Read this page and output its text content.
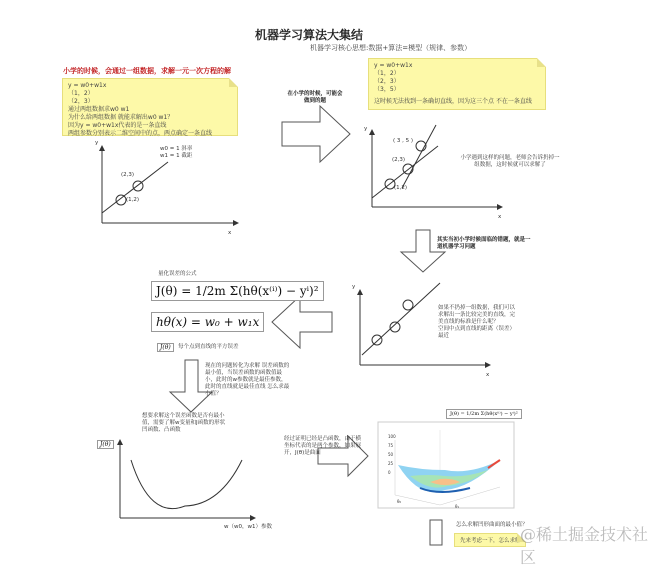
机器学习算法大集结
机器学习核心思想:数据+算法=模型（规律、参数）
小学的时候，会通过一组数据，求解一元一次方程的解
y = w0+w1x
（1，2）
（2，3）
通过两组数据求w0 w1
为什么给两组数据 就能求解出w0 w1？
因为y = w0+w1x代表的是一条直线
两组参数分别表示二维空间中的点，两点确定一条直线
w0 = 1 斜率
w1 = 1 截距
(2,3)
(1,2)
y
x
在小学的时候，可能会做到的题
y = w0+w1x
（1，2）
（2，3）
（3，5）
这时候无法找到一条确切直线，因为这三个点 不在一条直线
( 3 , 5 )
(2,3)
(1,2)
y
x
小学遇到这样的问题，老师会告诉扔掉一组数据，这时候就可以求解了
其实当初小学时候面临的错题，就是一道机器学习问题
y
x
如果不扔掉一组数据，我们可以求解出一条比较完美的直线，完美直线的标准是什么呢？
空间中点到直线的距离（误差）最近
量化误差的公式
J(θ) = 1/2m Σ(hθ(x⁽ⁱ⁾) − yⁱ)²
hθ(x) = w₀ + w₁x
J(θ)	每个点到直线的平方误差
现在的问题转化为求解 误差函数的最小值，当误差函数的函数值最小，此时的w参数就是最佳参数，此时的直线就是最佳直线 怎么求最小值？
想要求解这个误差函数是否有最小值，需要了解w变量和J函数的形状 凹函数、凸函数
J(θ)
w（w0，w1）参数
经过证明已经是凸函数，由于横坐标代表的是两个参数，如果展开，J(θ)是曲面
J(θ) = 1/2m Σ(hθ(x⁽ⁱ⁾) − yⁱ)²
100
75
50
25
0
θ₀
θ₁
怎么求解凹形曲面的最小值？
先来考虑一下，怎么求解 @稀土掘金技术社区
